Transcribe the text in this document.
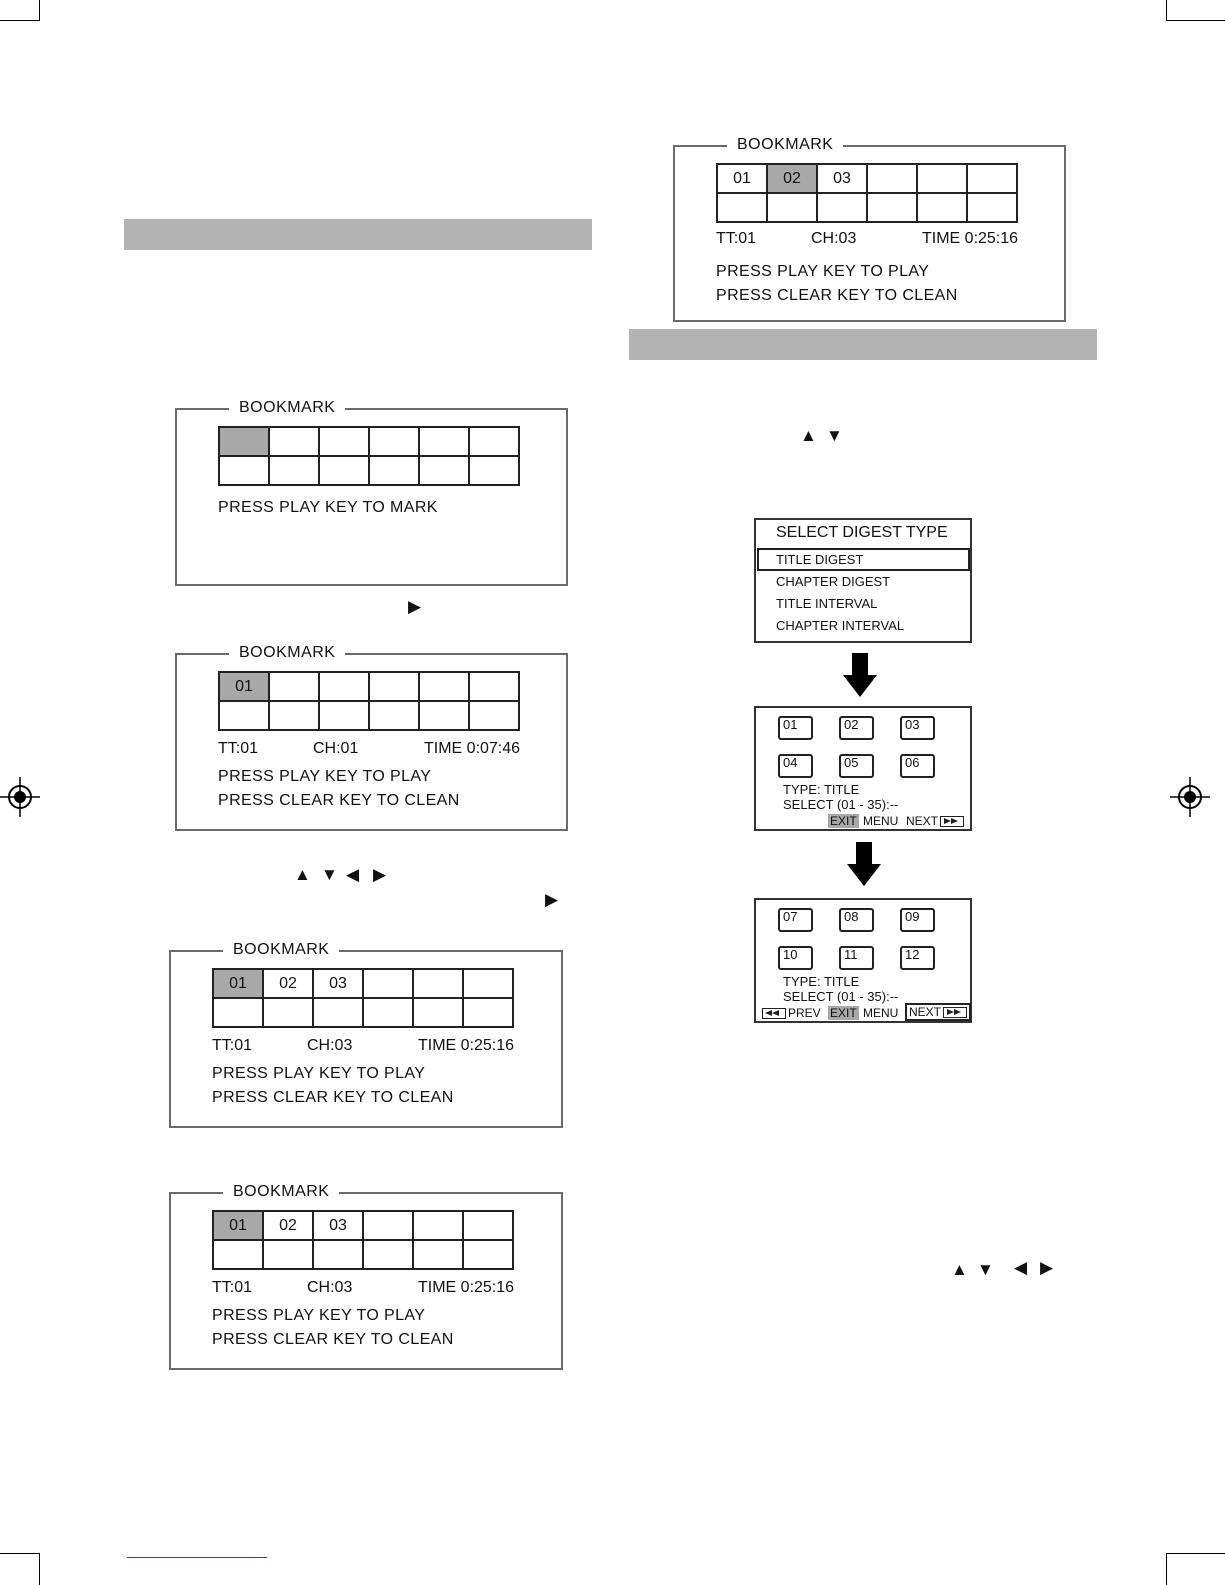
BOOKMARK

PRESS PLAY KEY TO MARK
▶
BOOKMARK
01					

TT:01	CH:01	TIME 0:07:46
PRESS PLAY KEY TO PLAY
PRESS CLEAR KEY TO CLEAN
▲ ▼ ◀ ▶
▶
BOOKMARK
01	02	03			

TT:01	CH:03	TIME 0:25:16
PRESS PLAY KEY TO PLAY
PRESS CLEAR KEY TO CLEAN
BOOKMARK
01	02	03			

TT:01	CH:03	TIME 0:25:16
PRESS PLAY KEY TO PLAY
PRESS CLEAR KEY TO CLEAN
BOOKMARK
01	02	03			

TT:01	CH:03	TIME 0:25:16
PRESS PLAY KEY TO PLAY
PRESS CLEAR KEY TO CLEAN
▲ ▼
SELECT DIGEST TYPE
TITLE DIGEST
CHAPTER DIGEST
TITLE INTERVAL
CHAPTER INTERVAL
01	02	03
04	05	06
TYPE: TITLE
SELECT (01 - 35):--
EXIT MENU NEXT
07	08	09
10	11	12
TYPE: TITLE
SELECT (01 - 35):--
PREV EXIT MENU NEXT
▲ ▼ ◀ ▶
